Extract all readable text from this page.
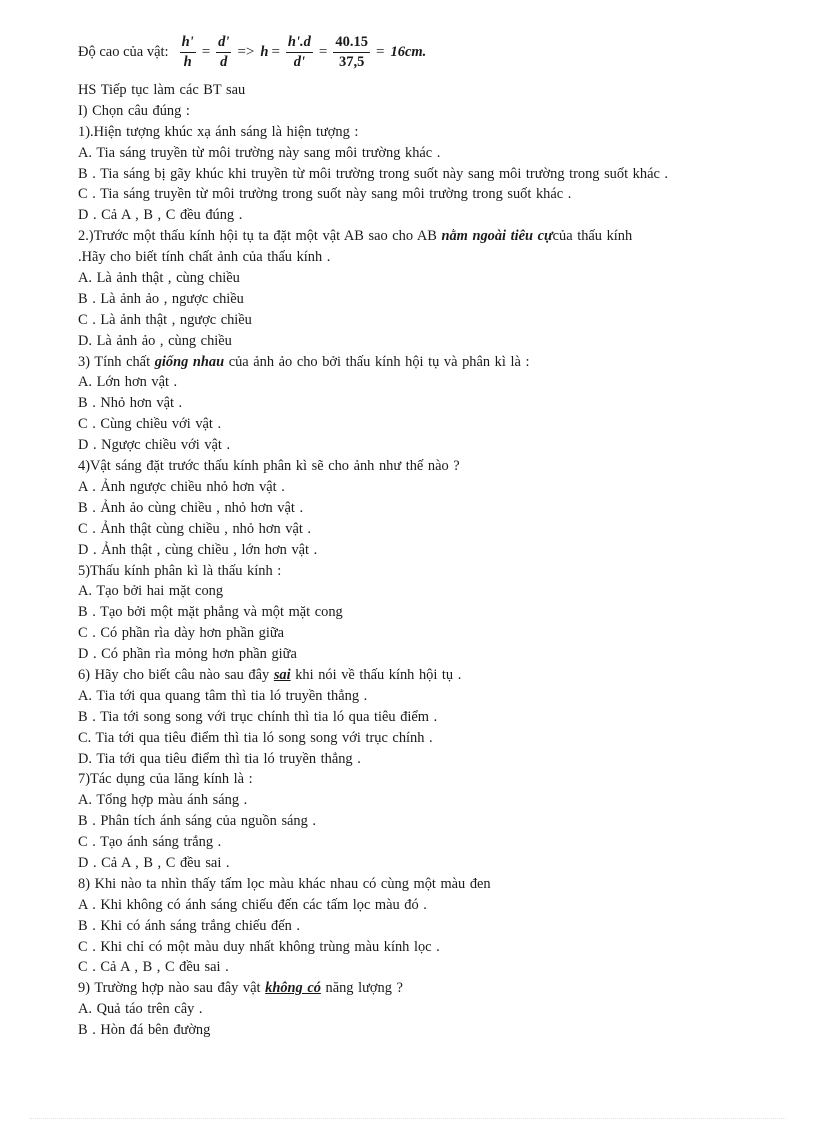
Độ cao của vật: $\frac{h'}{h} = \frac{d'}{d} => h = \frac{h'.d}{d'} = \frac{40.15}{37,5} = 16cm$.
HS Tiếp tục làm các BT sau
I) Chọn câu đúng :
1).Hiện tượng khúc xạ ánh sáng là hiện tượng :
A. Tia sáng truyền từ môi trường này sang môi trường khác .
B . Tia sáng bị gãy khúc khi truyền từ môi trường trong suốt này sang môi trường trong suốt khác .
C . Tia sáng truyền từ môi trường trong suốt này sang môi trường trong suốt khác .
D . Cả A , B , C đều đúng .
2.)Trước một thấu kính hội tụ ta đặt một vật AB sao cho AB nằm ngoài tiêu cựcủa thấu kính
.Hãy cho biết tính chất ảnh của thấu kính .
A. Là ảnh thật , cùng chiều
B . Là ảnh ảo , ngược chiều
C . Là ảnh thật , ngược chiều
D. Là ảnh ảo , cùng chiều
3) Tính chất giống nhau của ảnh ảo cho bởi thấu kính hội tụ và phân kì là :
A. Lớn hơn vật .
B . Nhỏ hơn vật .
C . Cùng chiều với vật .
D . Ngược chiều với vật .
4)Vật sáng đặt trước thấu kính phân kì sẽ cho ảnh như thế nào ?
A . Ảnh ngược chiều nhỏ hơn vật .
B . Ảnh ảo cùng chiều , nhỏ hơn vật .
C . Ảnh thật cùng chiều , nhỏ hơn vật .
D . Ảnh thật , cùng chiều , lớn hơn vật .
5)Thấu kính phân kì là thấu kính :
A. Tạo bởi hai mặt cong
B . Tạo bởi một mặt phẳng và một mặt cong
C . Có phần rìa dày hơn phần giữa
D . Có phần rìa mỏng hơn phần giữa
6) Hãy cho biết câu nào sau đây sai khi nói về thấu kính hội tụ .
A. Tia tới qua quang tâm thì tia ló truyền thẳng .
B . Tia tới song song với trục chính thì tia ló qua tiêu điểm .
C. Tia tới qua tiêu điểm thì tia ló song song với trục chính .
D. Tia tới qua tiêu điểm thì tia ló truyền thẳng .
7)Tác dụng của lăng kính là :
A. Tổng hợp màu ánh sáng .
B . Phân tích ánh sáng của nguồn sáng .
C . Tạo ánh sáng trắng .
D . Cả A , B , C đều sai .
8) Khi nào ta nhìn thấy tấm lọc màu khác nhau có cùng một màu đen
A . Khi không có ánh sáng chiếu đến các tấm lọc màu đó .
B . Khi có ánh sáng trắng chiếu đến .
C . Khi chỉ có một màu duy nhất không trùng màu kính lọc .
C . Cả A , B , C đều sai .
9) Trường hợp nào sau đây vật không có năng lượng ?
A. Quả táo trên cây .
B . Hòn đá bên đường
